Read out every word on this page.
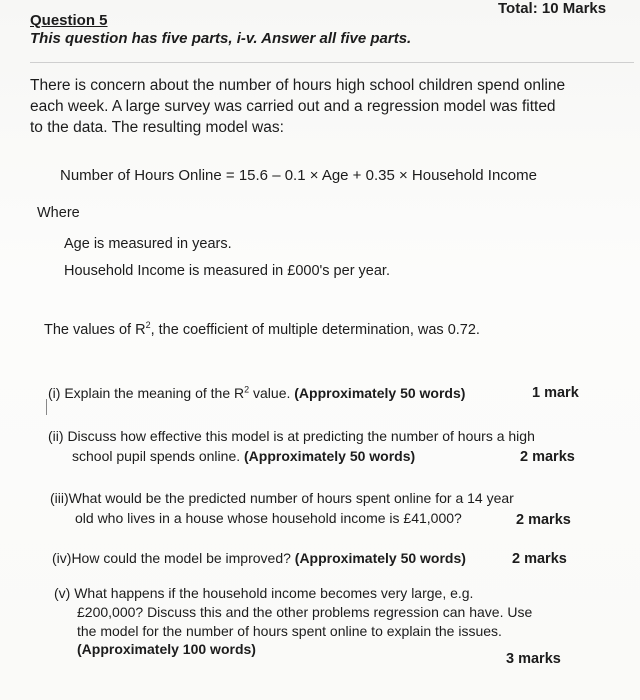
Question 5
Total: 10 Marks
This question has five parts, i-v. Answer all five parts.
There is concern about the number of hours high school children spend online
each week. A large survey was carried out and a regression model was fitted
to the data. The resulting model was:
Number of Hours Online = 15.6 – 0.1 × Age + 0.35 × Household Income
Where
Age is measured in years.
Household Income is measured in £000's per year.
The values of $R^2$, the coefficient of multiple determination, was 0.72.
(i) Explain the meaning of the $R^2$ value. (Approximately 50 words)	1 mark
(ii) Discuss how effective this model is at predicting the number of hours a high
school pupil spends online. (Approximately 50 words)	2 marks
(iii)What would be the predicted number of hours spent online for a 14 year
old who lives in a house whose household income is £41,000?	2 marks
(iv)How could the model be improved? (Approximately 50 words)	2 marks
(v) What happens if the household income becomes very large, e.g.
£200,000? Discuss this and the other problems regression can have. Use
the model for the number of hours spent online to explain the issues.
(Approximately 100 words)
3 marks
